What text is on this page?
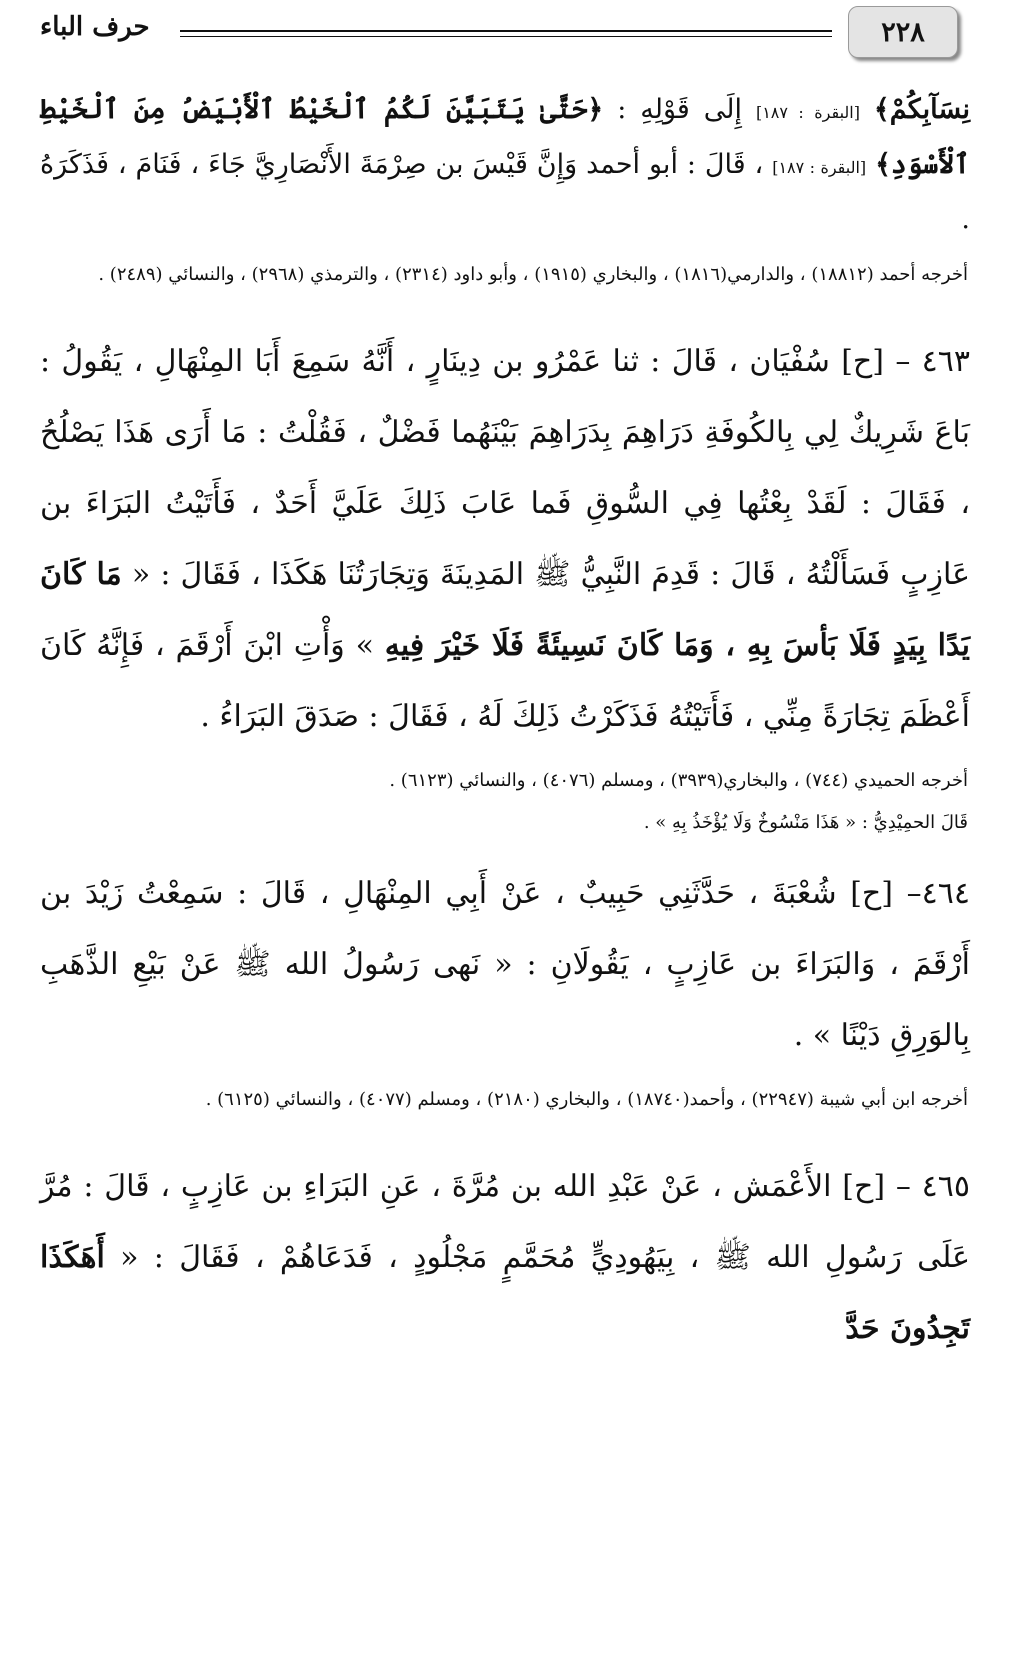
٢٢٨
حرف الباء

نِسَآبِكُمْ﴾ [البقرة : ١٨٧] إِلَى قَوْلِهِ : ﴿حَتَّىٰ يَتَبَيَّنَ لَكُمُ ٱلْخَيْطُ ٱلْأَبْيَضُ مِنَ ٱلْخَيْطِ ٱلْأَسْوَدِ﴾ [البقرة : ١٨٧] ، قَالَ : أبو أحمد وَإِنَّ قَيْسَ بن صِرْمَةَ الأَنْصَارِيَّ جَاءَ ، فَنَامَ ، فَذَكَرَهُ .

أخرجه أحمد (١٨٨١٢) ، والدارمي(١٨١٦) ، والبخاري (١٩١٥) ، وأبو داود (٢٣١٤) ، والترمذي (٢٩٦٨) ، والنسائي (٢٤٨٩) .

٤٦٣ – [ح] سُفْيَان ، قَالَ : ثنا عَمْرُو بن دِينَارٍ ، أَنَّهُ سَمِعَ أَبَا المِنْهَالِ ، يَقُولُ : بَاعَ شَرِيكٌ لِي بِالكُوفَةِ دَرَاهِمَ بِدَرَاهِمَ بَيْنَهُما فَضْلٌ ، فَقُلْتُ : مَا أَرَى هَذَا يَصْلُحُ ، فَقَالَ : لَقَدْ بِعْتُها فِي السُّوقِ فَما عَابَ ذَلِكَ عَلَيَّ أَحَدٌ ، فَأَتَيْتُ البَرَاءَ بن عَازِبٍ فَسَأَلْتُهُ ، قَالَ : قَدِمَ النَّبِيُّ ﷺ المَدِينَةَ وَتِجَارَتُنَا هَكَذَا ، فَقَالَ : « مَا كَانَ يَدًا بِيَدٍ فَلَا بَأسَ بِهِ ، وَمَا كَانَ نَسِيئَةً فَلَا خَيْرَ فِيهِ » وَأْتِ ابْنَ أَرْقَمَ ، فَإِنَّهُ كَانَ أَعْظَمَ تِجَارَةً مِنِّي ، فَأَتَيْتُهُ فَذَكَرْتُ ذَلِكَ لَهُ ، فَقَالَ : صَدَقَ البَرَاءُ .

أخرجه الحميدي (٧٤٤) ، والبخاري(٣٩٣٩) ، ومسلم (٤٠٧٦) ، والنسائي (٦١٢٣) .

قَالَ الحمِيْدِيُّ : « هَذَا مَنْسُوخٌ وَلَا يُؤْخَذُ بِهِ » .

٤٦٤– [ح] شُعْبَةَ ، حَدَّثَنِي حَبِيبٌ ، عَنْ أَبِي المِنْهَالِ ، قَالَ : سَمِعْتُ زَيْدَ بن أَرْقَمَ ، وَالبَرَاءَ بن عَازِبٍ ، يَقُولَانِ : « نَهى رَسُولُ الله ﷺ عَنْ بَيْعِ الذَّهَبِ بِالوَرِقِ دَيْنًا » .

أخرجه ابن أبي شيبة (٢٢٩٤٧) ، وأحمد(١٨٧٤٠) ، والبخاري (٢١٨٠) ، ومسلم (٤٠٧٧) ، والنسائي (٦١٢٥) .

٤٦٥ – [ح] الأَعْمَش ، عَنْ عَبْدِ الله بن مُرَّةَ ، عَنِ البَرَاءِ بن عَازِبٍ ، قَالَ : مُرَّ عَلَى رَسُولِ الله ﷺ ، بِيَهُودِيٍّ مُحَمَّمٍ مَجْلُودٍ ، فَدَعَاهُمْ ، فَقَالَ : « أَهَكَذَا تَجِدُونَ حَدَّ
